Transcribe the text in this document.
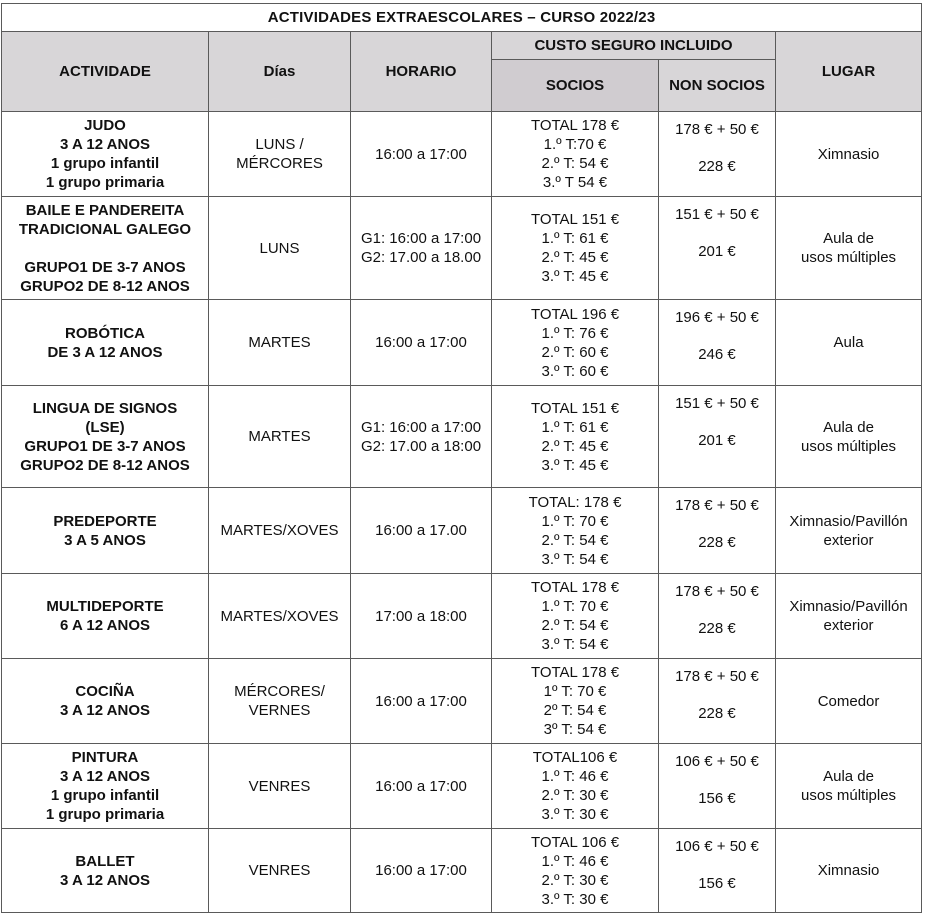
ACTIVIDADES EXTRAESCOLARES – CURSO 2022/23					
ACTIVIDADE	Días	HORARIO	CUSTO SEGURO INCLUIDO		LUGAR
			SOCIOS	NON SOCIOS	

JUDO
3 A 12 ANOS
1 grupo infantil
1 grupo primaria	LUNS /
MÉRCORES	16:00 a 17:00	TOTAL 178 €
1.º T:70 €
2.º T: 54 €
3.º T 54 €	178 € + 50 €
228 €	Ximnasio

BAILE E PANDEREITA
TRADICIONAL GALEGO

GRUPO1 DE 3-7 ANOS
GRUPO2 DE 8-12 ANOS	LUNS	G1: 16:00 a 17:00
G2: 17.00 a 18.00	TOTAL 151 €
1.º T: 61 €
2.º T: 45 €
3.º T: 45 €	151 € + 50 €
201 €	Aula de
usos múltiples

ROBÓTICA
DE 3 A 12 ANOS	MARTES	16:00 a 17:00	TOTAL 196 €
1.º T: 76 €
2.º T: 60 €
3.º T: 60 €	196 € + 50 €
246 €	Aula

LINGUA DE SIGNOS
(LSE)
GRUPO1 DE 3-7 ANOS
GRUPO2 DE 8-12 ANOS	MARTES	G1: 16:00 a 17:00
G2: 17.00 a 18:00	TOTAL 151 €
1.º T: 61 €
2.º T: 45 €
3.º T: 45 €	151 € + 50 €
201 €	Aula de
usos múltiples

PREDEPORTE
3 A 5 ANOS	MARTES/XOVES	16:00 a 17.00	TOTAL: 178 €
1.º T: 70 €
2.º T: 54 €
3.º T: 54 €	178 € + 50 €
228 €	Ximnasio/Pavillón
exterior

MULTIDEPORTE
6 A 12 ANOS	MARTES/XOVES	17:00 a 18:00	TOTAL 178 €
1.º T: 70 €
2.º T: 54 €
3.º T: 54 €	178 € + 50 €
228 €	Ximnasio/Pavillón
exterior

COCIÑA
3 A 12 ANOS	MÉRCORES/
VERNES	16:00 a 17:00	TOTAL 178 €
1º T: 70 €
2º T: 54 €
3º T: 54 €	178 € + 50 €
228 €	Comedor

PINTURA
3 A 12 ANOS
1 grupo infantil
1 grupo primaria	VENRES	16:00 a 17:00	TOTAL106 €
1.º T: 46 €
2.º T: 30 €
3.º T: 30 €	106 € + 50 €
156 €	Aula de
usos múltiples

BALLET
3 A 12 ANOS	VENRES	16:00 a 17:00	TOTAL 106 €
1.º T: 46 €
2.º T: 30 €
3.º T: 30 €	106 € + 50 €
156 €	Ximnasio
